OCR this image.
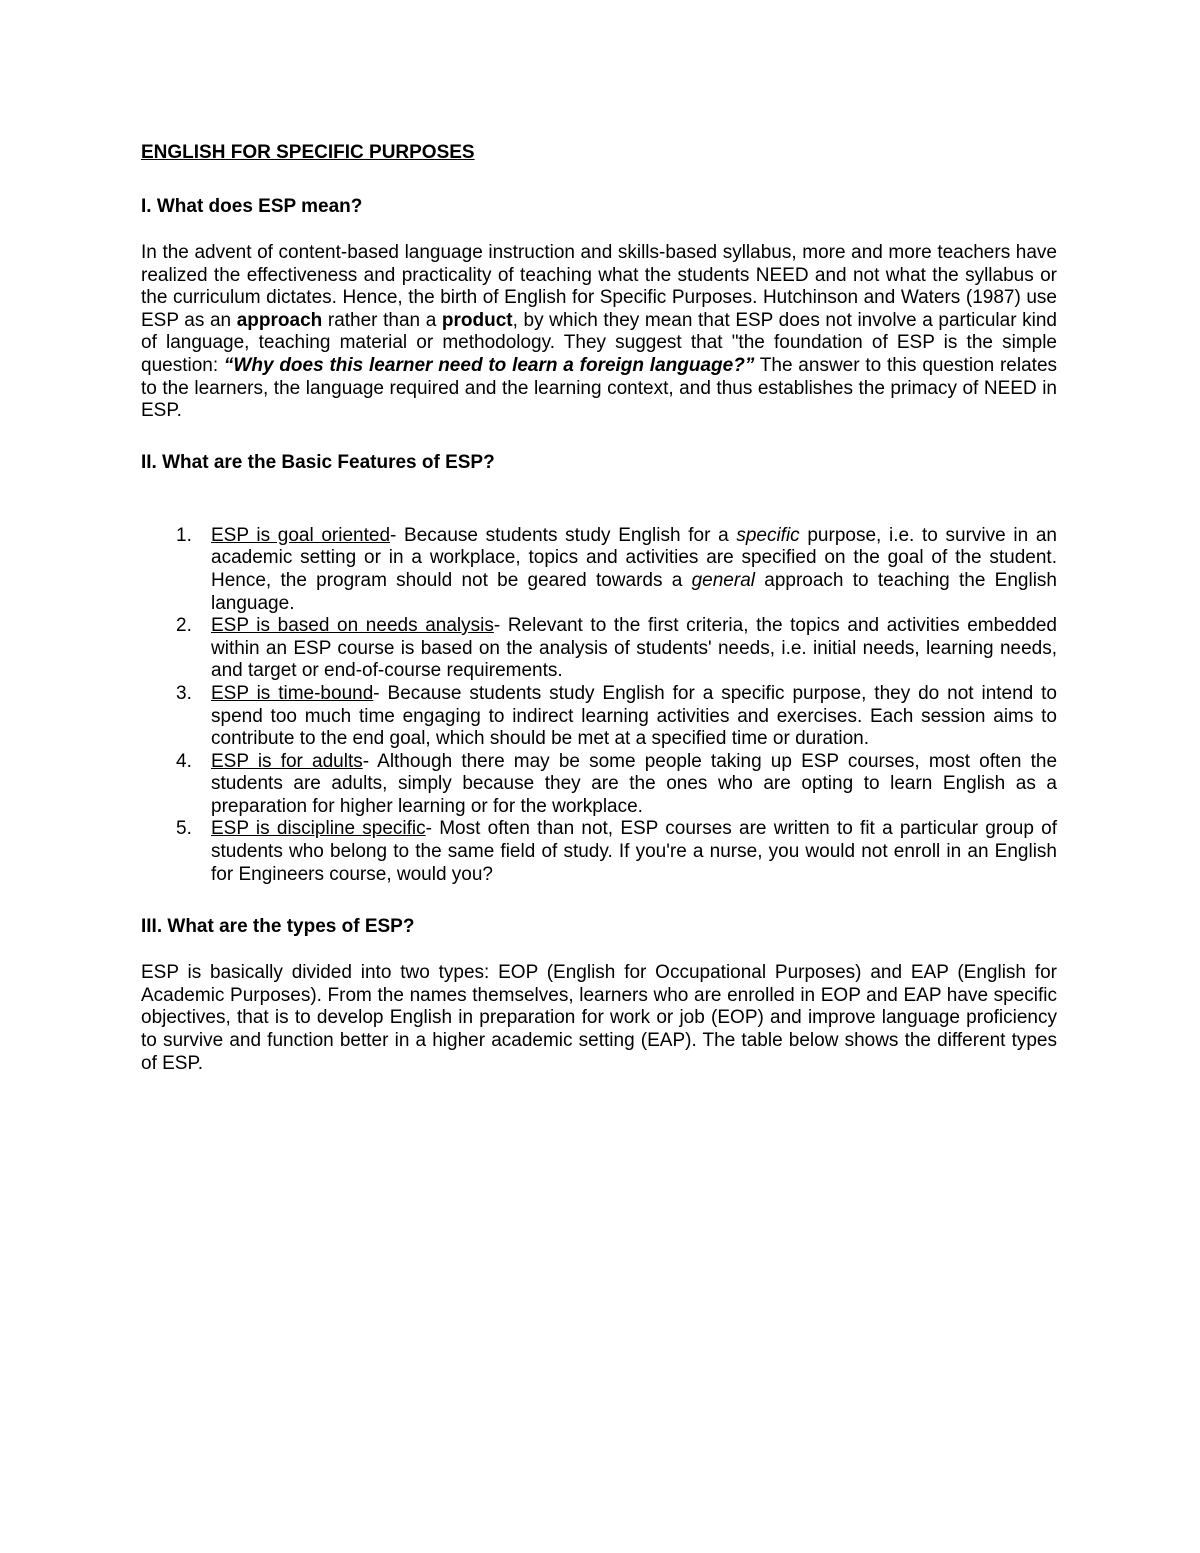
ENGLISH FOR SPECIFIC PURPOSES
I. What does ESP mean?

In the advent of content-based language instruction and skills-based syllabus, more and more teachers have realized the effectiveness and practicality of teaching what the students NEED and not what the syllabus or the curriculum dictates. Hence, the birth of English for Specific Purposes. Hutchinson and Waters (1987) use ESP as an approach rather than a product, by which they mean that ESP does not involve a particular kind of language, teaching material or methodology. They suggest that "the foundation of ESP is the simple question: “Why does this learner need to learn a foreign language?” The answer to this question relates to the learners, the language required and the learning context, and thus establishes the primacy of NEED in ESP.

II. What are the Basic Features of ESP?
1. ESP is goal oriented- Because students study English for a specific purpose, i.e. to survive in an academic setting or in a workplace, topics and activities are specified on the goal of the student. Hence, the program should not be geared towards a general approach to teaching the English language.
2. ESP is based on needs analysis- Relevant to the first criteria, the topics and activities embedded within an ESP course is based on the analysis of students' needs, i.e. initial needs, learning needs, and target or end-of-course requirements.
3. ESP is time-bound- Because students study English for a specific purpose, they do not intend to spend too much time engaging to indirect learning activities and exercises. Each session aims to contribute to the end goal, which should be met at a specified time or duration.
4. ESP is for adults- Although there may be some people taking up ESP courses, most often the students are adults, simply because they are the ones who are opting to learn English as a preparation for higher learning or for the workplace.
5. ESP is discipline specific- Most often than not, ESP courses are written to fit a particular group of students who belong to the same field of study. If you're a nurse, you would not enroll in an English for Engineers course, would you?
III. What are the types of ESP?

ESP is basically divided into two types: EOP (English for Occupational Purposes) and EAP (English for Academic Purposes). From the names themselves, learners who are enrolled in EOP and EAP have specific objectives, that is to develop English in preparation for work or job (EOP) and improve language proficiency to survive and function better in a higher academic setting (EAP). The table below shows the different types of ESP.
